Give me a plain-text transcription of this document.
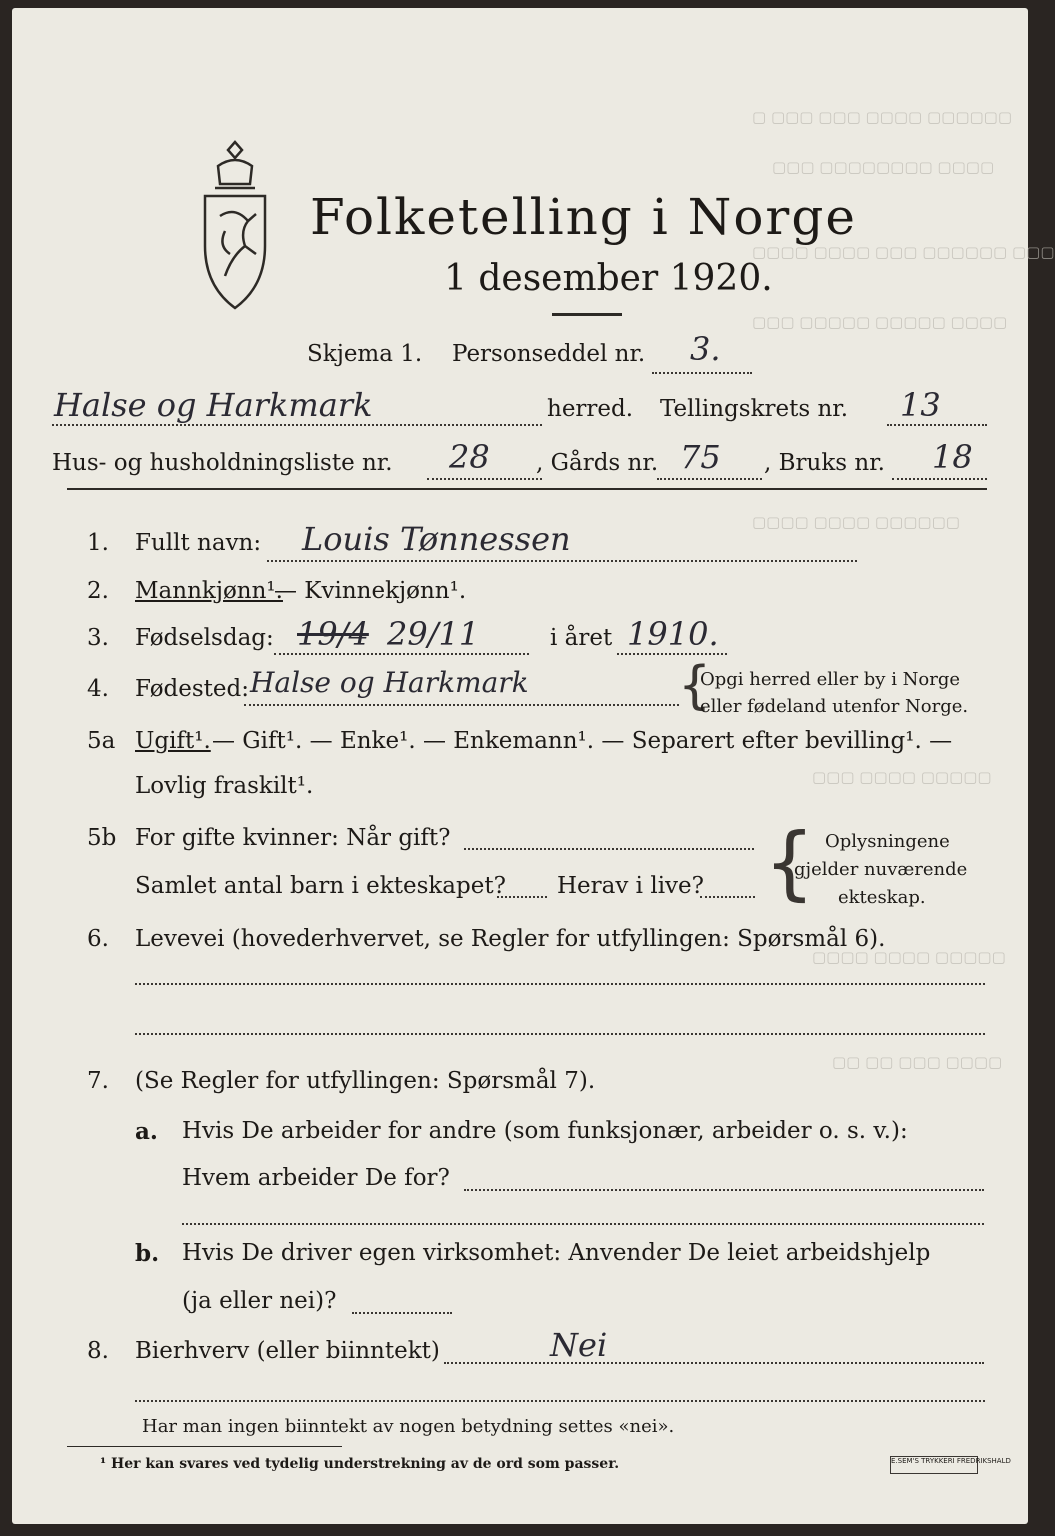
▢ ▢▢▢ ▢▢▢ ▢▢▢▢ ▢▢▢▢▢▢
▢▢▢ ▢▢▢▢▢▢▢▢ ▢▢▢▢
▢▢▢▢ ▢▢▢▢ ▢▢▢ ▢▢▢▢▢▢ ▢▢▢
▢▢▢ ▢▢▢▢▢ ▢▢▢▢▢ ▢▢▢▢
▢▢▢▢ ▢▢▢▢ ▢▢▢▢▢▢
▢▢▢ ▢▢▢▢ ▢▢▢▢▢
▢▢▢▢ ▢▢▢▢ ▢▢▢▢▢
▢▢ ▢▢ ▢▢▢ ▢▢▢▢
Folketelling i Norge
1 desember 1920.
Skjema 1. Personseddel nr. 3.
Halse og Harkmark	herred. Tellingskrets nr. 13
Hus- og husholdningsliste nr. 28 , Gårds nr. 75 , Bruks nr. 18
1. Fullt navn: Louis Tønnessen
2. Mannkjønn¹.
— Kvinnekjønn¹.
3. Fødselsdag: 19/4 29/11	i året 1910.
4. Fødested: Halse og Harkmark	{
Opgi herred eller by i Norge
eller fødeland utenfor Norge.
5a Ugift¹. — Gift¹. — Enke¹. — Enkemann¹. — Separert efter bevilling¹. —
Lovlig fraskilt¹.
5b For gifte kvinner: Når gift?
Samlet antal barn i ekteskapet? Herav i live? { Oplysningene
gjelder nuværende
ekteskap.
6. Levevei (hovederhvervet, se Regler for utfyllingen: Spørsmål 6).
7. (Se Regler for utfyllingen: Spørsmål 7).
a. Hvis De arbeider for andre (som funksjonær, arbeider o. s. v.):
Hvem arbeider De for?
b. Hvis De driver egen virksomhet: Anvender De leiet arbeidshjelp
(ja eller nei)?
8. Bierhverv (eller biinntekt)	Nei
Har man ingen biinntekt av nogen betydning settes «nei».
¹ Her kan svares ved tydelig understrekning av de ord som passer.	E.SEM'S TRYKKERI FREDRIKSHALD
